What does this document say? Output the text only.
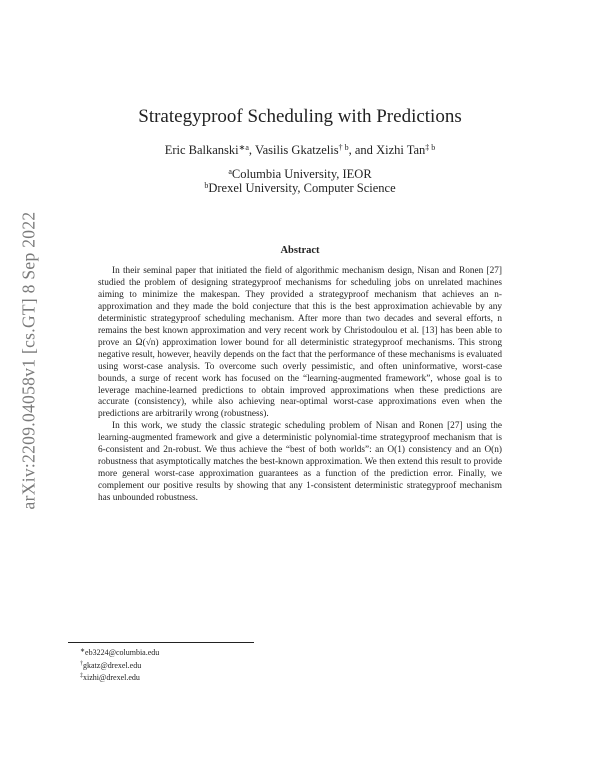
arXiv:2209.04058v1 [cs.GT] 8 Sep 2022
Strategyproof Scheduling with Predictions
Eric Balkanski$^{∗a}$, Vasilis Gkatzelis$^{\dagger b}$, and Xizhi Tan$^{\ddagger b}$
$^a$Columbia University, IEOR
$^b$Drexel University, Computer Science
Abstract

In their seminal paper that initiated the field of algorithmic mechanism design, Nisan and Ronen [27] studied the problem of designing strategyproof mechanisms for scheduling jobs on unrelated machines aiming to minimize the makespan. They provided a strategyproof mechanism that achieves an n-approximation and they made the bold conjecture that this is the best approximation achievable by any deterministic strategyproof scheduling mechanism. After more than two decades and several efforts, n remains the best known approximation and very recent work by Christodoulou et al. [13] has been able to prove an Ω(√n) approximation lower bound for all deterministic strategyproof mechanisms. This strong negative result, however, heavily depends on the fact that the performance of these mechanisms is evaluated using worst-case analysis. To overcome such overly pessimistic, and often uninformative, worst-case bounds, a surge of recent work has focused on the “learning-augmented framework”, whose goal is to leverage machine-learned predictions to obtain improved approximations when these predictions are accurate (consistency), while also achieving near-optimal worst-case approximations even when the predictions are arbitrarily wrong (robustness).

In this work, we study the classic strategic scheduling problem of Nisan and Ronen [27] using the learning-augmented framework and give a deterministic polynomial-time strategyproof mechanism that is 6-consistent and 2n-robust. We thus achieve the “best of both worlds”: an O(1) consistency and an O(n) robustness that asymptotically matches the best-known approximation. We then extend this result to provide more general worst-case approximation guarantees as a function of the prediction error. Finally, we complement our positive results by showing that any 1-consistent deterministic strategyproof mechanism has unbounded robustness.

∗eb3224@columbia.edu
†gkatz@drexel.edu
‡xizhi@drexel.edu
